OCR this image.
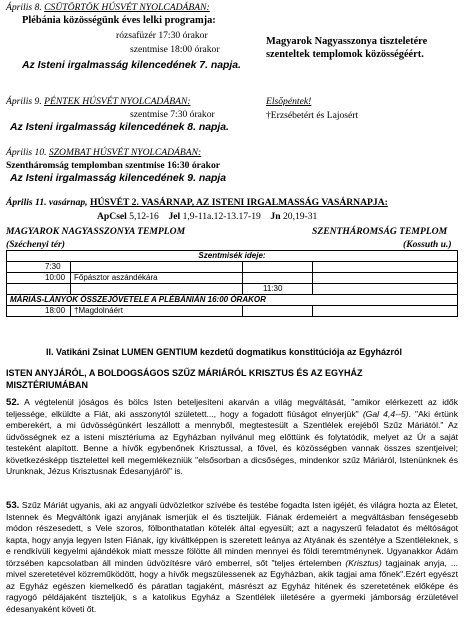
Április 8. CSÜTÖRTÖK HÚSVÉT NYOLCADÁBAN:
Plébánia közösségünk éves lelki programja:
rózsafüzér 17:30 órakor
szentmise 18:00 órakor
Magyarok Nagyasszonya tiszteletére
szenteltek templomok közösségéért.
Az Isteni irgalmasság kilencedének 7. napja.
Április 9. PÉNTEK HÚSVÉT NYOLCADÁBAN:
szentmise 7:30 órakor
Az Isteni irgalmasság kilencedének 8. napja.
Elsőpéntek!
†Erzsébetért és Lajosért
Április 10. SZOMBAT HÚSVÉT NYOLCADÁBAN:
Szentháromság templomban szentmise 16:30 órakor
Az Isteni irgalmasság kilencedének 9. napja
Április 11. vasárnap, HÚSVÉT 2. VASÁRNAP, AZ ISTENI IRGALMASSÁG VASÁRNAPJA:
ApCsel 5,12-16 Jel 1,9-11a.12-13.17-19 Jn 20,19-31
MAGYAROK NAGYASSZONYA TEMPLOM
(Széchenyi tér)
SZENTHÁROMSÁG TEMPLOM
(Kossuth u.)
Szentmisék ideje:			
7:30			
10:00	Főpásztor aszándékára		
		11:30	
MÁRIÁS-LÁNYOK ÖSSZEJÖVETELE A PLÉBÁNIÁN 16:00 ÓRAKOR			
18:00	†Magdolnáért		
II. Vatikáni Zsinat LUMEN GENTIUM kezdetű dogmatikus konstitúciója az Egyházról
ISTEN ANYJÁRÓL, A BOLDOGSÁGOS SZŰZ MÁRIÁRÓL KRISZTUS ÉS AZ EGYHÁZ
MISZTÉRIUMÁBAN

52. A végtelenül jóságos és bölcs Isten beteljesíteni akarván a világ megváltását, "amikor elérkezett az idők teljessége, elküldte a Fiát, aki asszonytól született..., hogy a fogadott fiúságot elnyerjük" (Gal 4,4--5). "Aki értünk emberekért, a mi üdvösségünkért leszállott a mennyből, megtestesült a Szentlélek erejéből Szűz Máriától." Az üdvösségnek ez a isteni misztériuma az Egyházban nyilvánul meg előttünk és folytatódik, melyet az Úr a saját testeként alapított. Benne a hívők egybenőnek Krisztussal, a fővel, és közösségben vannak összes szentjeivel; következésképp tisztelettel kell megemlékezniük "elsősorban a dicsőséges, mindenkor szűz Máriáról, Istenünknek és Urunknak, Jézus Krisztusnak Édesanyjáról" is.

53. Szűz Máriát ugyanis, aki az angyali üdvözletkor szívébe és testébe fogadta Isten igéjét, és világra hozta az Életet, Istennek és Megváltónk igazi anyjának ismerjük el és tiszteljük. Fiának érdemeiért a megváltásban fenségesebb módon részesedett, s Vele szoros, fölbonthatatlan kötelék által egyesült; azt a nagyszerű feladatot és méltóságot kapta, hogy anyja legyen Isten Fiának, így kiváltképpen is szeretett leánya az Atyának és szentélye a Szentléleknek, s e rendkívüli kegyelmi ajándékok miatt messze fölötte áll minden mennyei és földi teremtménynek. Ugyanakkor Ádám törzsében kapcsolatban áll minden üdvözítésre váró emberrel, sőt "teljes értelemben (Krisztus) tagjainak anyja, ... mivel szeretetével közreműködött, hogy a hívők megszülessenek az Egyházban, akik tagjai ama főnek".Ezért egyészt az Egyház egészen kiemelkedő és páratlan tagjaként, másrészt az Egyház hitének és szeretetének előképe és ragyogó példájaként tiszteljük, s a katolikus Egyház a Szentlélek iiletésére a gyermeki jámborság érzületével édesanyaként követi őt.
